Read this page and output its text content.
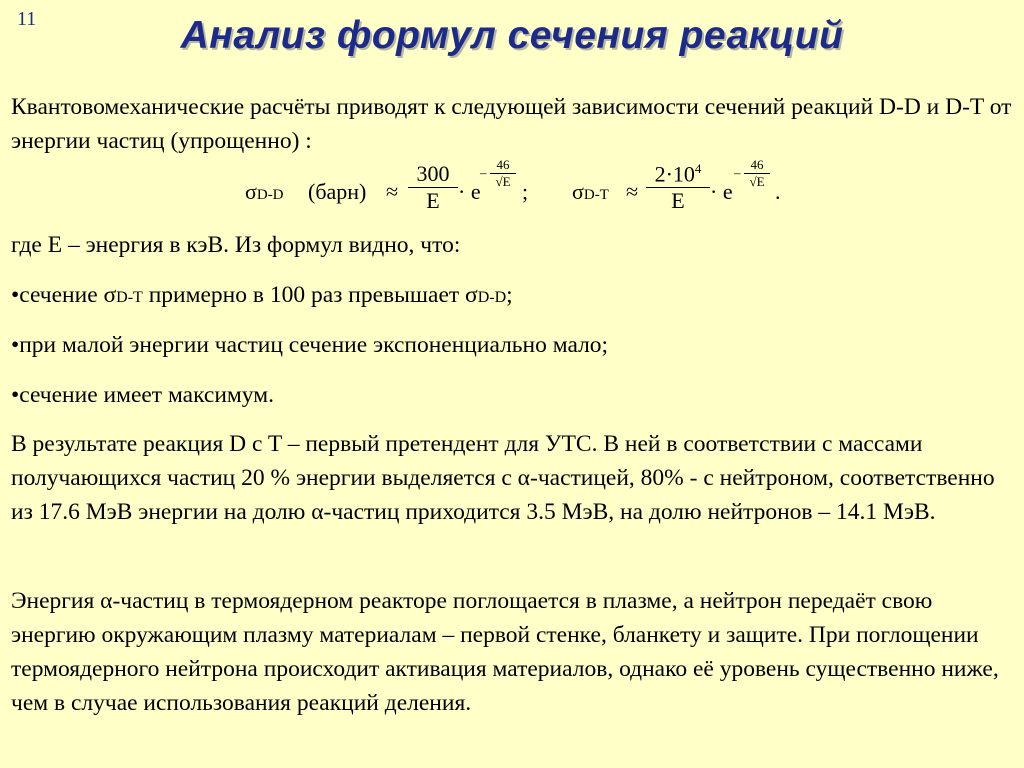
11	Анализ формул сечения реакций
Квантовомеханические расчёты приводят к следующей зависимости сечений реакций D-D и D-T от энергии частиц (упрощенно) :
σD-D (барн) ≈
300
E · e
–
46
√E ; σD-T ≈
$2\cdot 10^4$
E	· e
–
46
√E .
где Е – энергия в кэВ. Из формул видно, что:
•сечение σD-T примерно в 100 раз превышает σD-D;
•при малой энергии частиц сечение экспоненциально мало;
•сечение имеет максимум.
В результате реакция D c T – первый претендент для УТС. В ней в соответствии с массами получающихся частиц 20 % энергии выделяется с α-частицей, 80% - с нейтроном, соответственно из 17.6 МэВ энергии на долю α-частиц приходится 3.5 МэВ, на долю нейтронов – 14.1 МэВ.
Энергия α-частиц в термоядерном реакторе поглощается в плазме, а нейтрон передаёт свою энергию окружающим плазму материалам – первой стенке, бланкету и защите. При поглощении термоядерного нейтрона происходит активация материалов, однако её уровень существенно ниже, чем в случае использования реакций деления.
